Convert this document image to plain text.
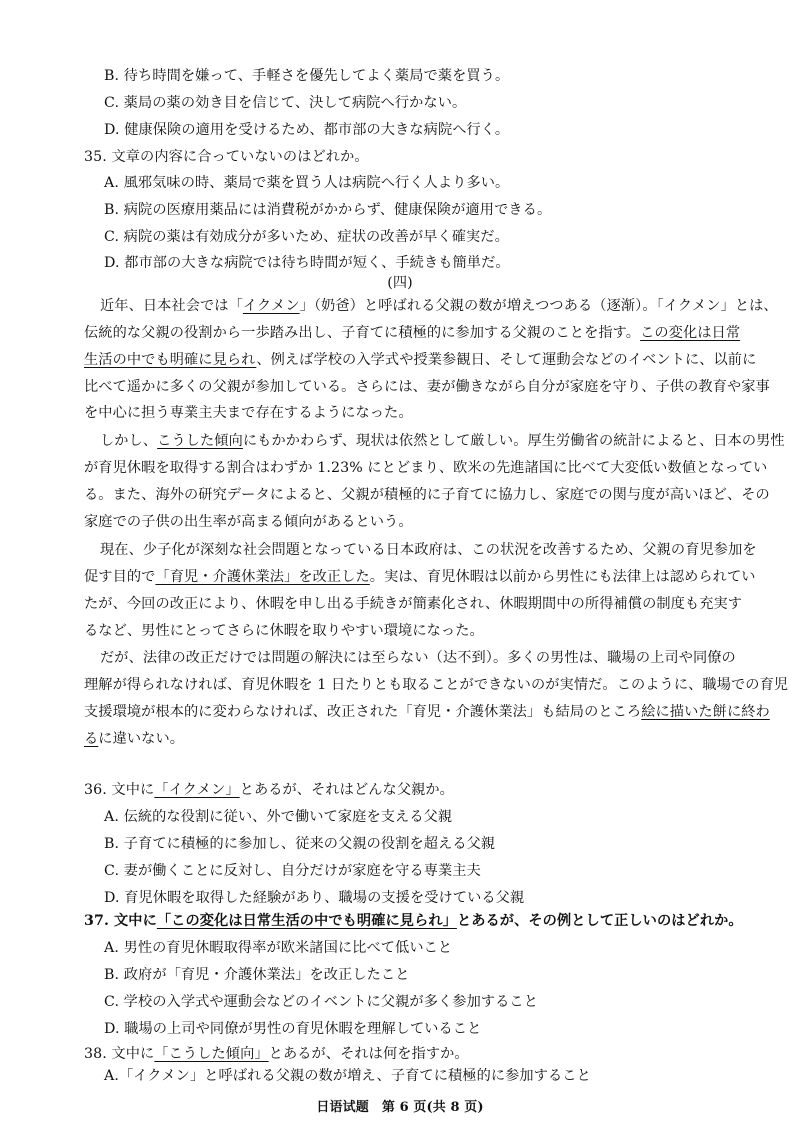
B. 待ち時間を嫌って、手軽さを優先してよく薬局で薬を買う。
C. 薬局の薬の効き目を信じて、決して病院へ行かない。
D. 健康保険の適用を受けるため、都市部の大きな病院へ行く。
35. 文章の内容に合っていないのはどれか。
A. 風邪気味の時、薬局で薬を買う人は病院へ行く人より多い。
B. 病院の医療用薬品には消費税がかからず、健康保険が適用できる。
C. 病院の薬は有効成分が多いため、症状の改善が早く確実だ。
D. 都市部の大きな病院では待ち時間が短く、手続きも簡単だ。
(四)
近年、日本社会では「イクメン」（奶爸）と呼ばれる父親の数が増えつつある（逐渐）。「イクメン」とは、
伝統的な父親の役割から一歩踏み出し、子育てに積極的に参加する父親のことを指す。この変化は日常
生活の中でも明確に見られ、例えば学校の入学式や授業参観日、そして運動会などのイベントに、以前に
比べて遥かに多くの父親が参加している。さらには、妻が働きながら自分が家庭を守り、子供の教育や家事
を中心に担う専業主夫まで存在するようになった。
しかし、こうした傾向にもかかわらず、現状は依然として厳しい。厚生労働省の統計によると、日本の男性
が育児休暇を取得する割合はわずか 1.23% にとどまり、欧米の先進諸国に比べて大変低い数値となってい
る。また、海外の研究データによると、父親が積極的に子育てに協力し、家庭での関与度が高いほど、その
家庭での子供の出生率が高まる傾向があるという。
現在、少子化が深刻な社会問題となっている日本政府は、この状況を改善するため、父親の育児参加を
促す目的で「育児・介護休業法」を改正した。実は、育児休暇は以前から男性にも法律上は認められてい
たが、今回の改正により、休暇を申し出る手続きが簡素化され、休暇期間中の所得補償の制度も充実す
るなど、男性にとってさらに休暇を取りやすい環境になった。
だが、法律の改正だけでは問題の解決には至らない（达不到）。多くの男性は、職場の上司や同僚の
理解が得られなければ、育児休暇を 1 日たりとも取ることができないのが実情だ。このように、職場での育児
支援環境が根本的に変わらなければ、改正された「育児・介護休業法」も結局のところ絵に描いた餅に終わ
るに違いない。
36. 文中に「イクメン」とあるが、それはどんな父親か。
A. 伝統的な役割に従い、外で働いて家庭を支える父親
B. 子育てに積極的に参加し、従来の父親の役割を超える父親
C. 妻が働くことに反対し、自分だけが家庭を守る専業主夫
D. 育児休暇を取得した経験があり、職場の支援を受けている父親
37. 文中に「この変化は日常生活の中でも明確に見られ」とあるが、その例として正しいのはどれか。
A. 男性の育児休暇取得率が欧米諸国に比べて低いこと
B. 政府が「育児・介護休業法」を改正したこと
C. 学校の入学式や運動会などのイベントに父親が多く参加すること
D. 職場の上司や同僚が男性の育児休暇を理解していること
38. 文中に「こうした傾向」とあるが、それは何を指すか。
A.「イクメン」と呼ばれる父親の数が増え、子育てに積極的に参加すること
日语试题　第 6 页(共 8 页)
